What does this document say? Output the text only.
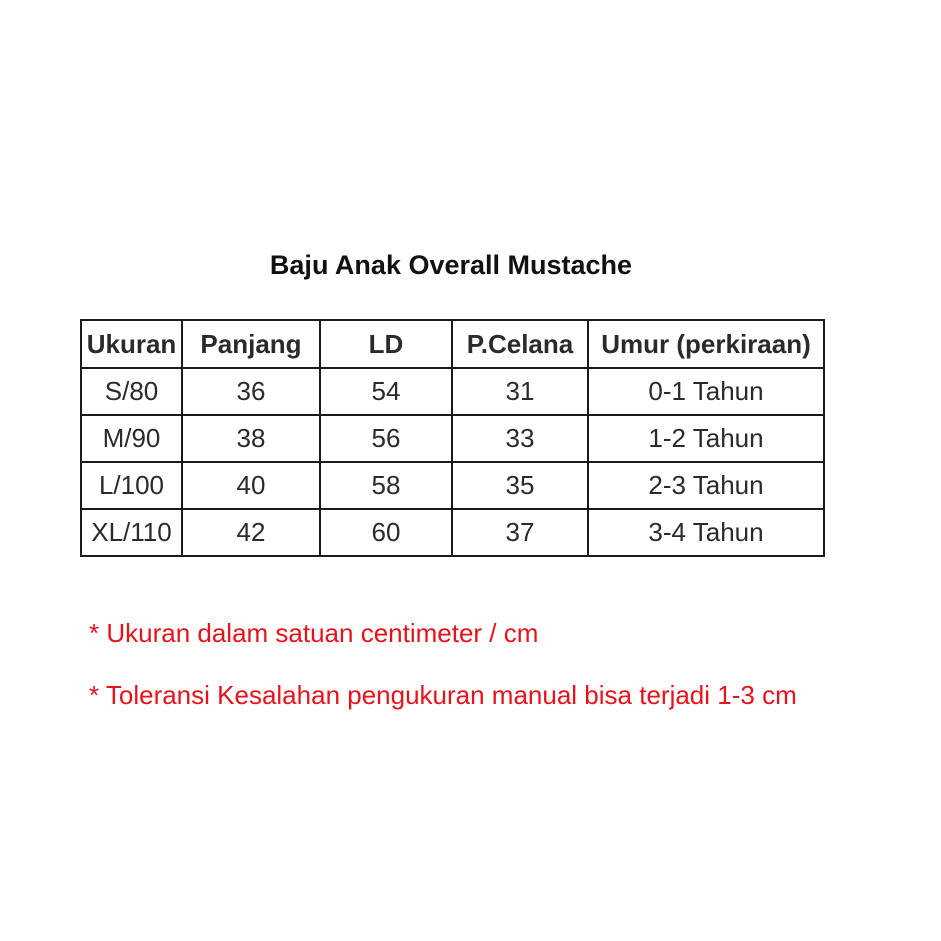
Baju Anak Overall Mustache
Ukuran	Panjang	LD	P.Celana	Umur (perkiraan)
S/80	36	54	31	0-1 Tahun
M/90	38	56	33	1-2 Tahun
L/100	40	58	35	2-3 Tahun
XL/110	42	60	37	3-4 Tahun
* Ukuran dalam satuan centimeter / cm
* Toleransi Kesalahan pengukuran manual bisa terjadi 1-3 cm
